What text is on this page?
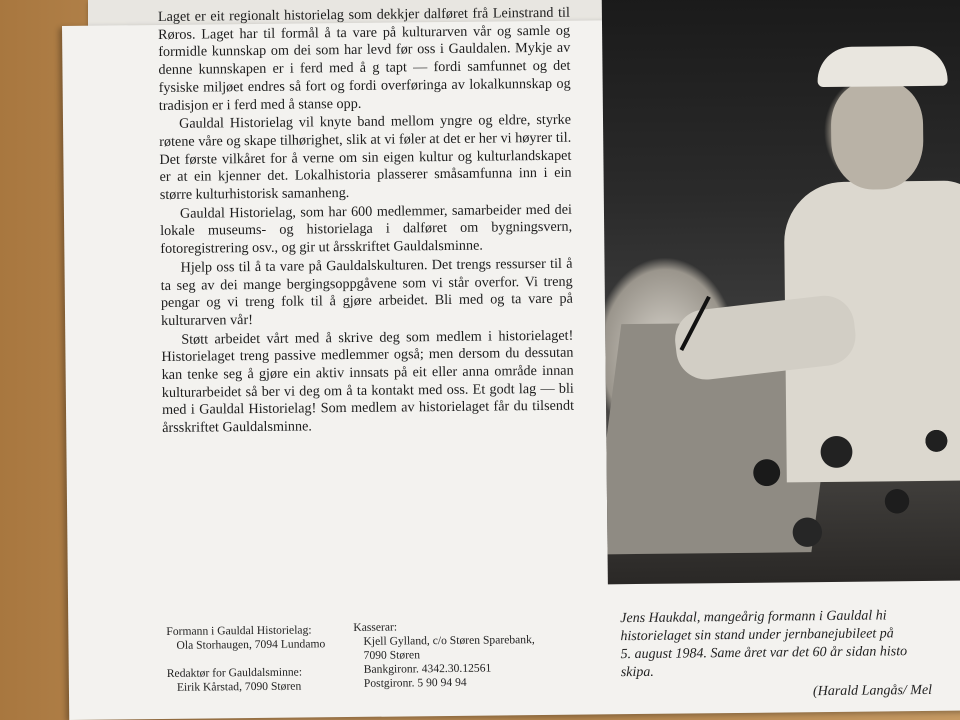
Laget er eit regionalt historielag som dekkjer dalføret frå Leinstrand til Røros. Laget har til formål å ta vare på kulturarven vår og samle og formidle kunnskap om dei som har levd før oss i Gauldalen. Mykje av denne kunnskapen er i ferd med å g tapt — fordi samfunnet og det fysiske miljøet endres så fort og fordi overføringa av lokalkunnskap og tradisjon er i ferd med å stanse opp.

Gauldal Historielag vil knyte band mellom yngre og eldre, styrke røtene våre og skape tilhørighet, slik at vi føler at det er her vi høyrer til. Det første vilkåret for å verne om sin eigen kultur og kulturlandskapet er at ein kjenner det. Lokalhistoria plasserer småsamfunna inn i ein større kulturhistorisk samanheng.

Gauldal Historielag, som har 600 medlemmer, samarbeider med dei lokale museums- og historielaga i dalføret om bygningsvern, fotoregistrering osv., og gir ut årsskriftet Gauldalsminne.

Hjelp oss til å ta vare på Gauldalskulturen. Det trengs ressurser til å ta seg av dei mange bergingsoppgåvene som vi står overfor. Vi treng pengar og vi treng folk til å gjøre arbeidet. Bli med og ta vare på kulturarven vår!

Støtt arbeidet vårt med å skrive deg som medlem i historielaget! Historielaget treng passive medlemmer også; men dersom du dessutan kan tenke seg å gjøre ein aktiv innsats på eit eller anna område innan kulturarbeidet så ber vi deg om å ta kontakt med oss. Et godt lag — bli med i Gauldal Historielag! Som medlem av historielaget får du tilsendt årsskriftet Gauldalsminne.

Formann i Gauldal Historielag:
Ola Storhaugen, 7094 Lundamo
Redaktør for Gauldalsminne:
Eirik Kårstad, 7090 Støren
Kasserar:
Kjell Gylland, c/o Støren Sparebank,
7090 Støren
Bankgironr. 4342.30.12561
Postgironr. 5 90 94 94
Jens Haukdal, mangeårig formann i Gauldal hi
historielaget sin stand under jernbanejubileet på
5. august 1984. Same året var det 60 år sidan histo
skipa.
(Harald Langås/ Mel
